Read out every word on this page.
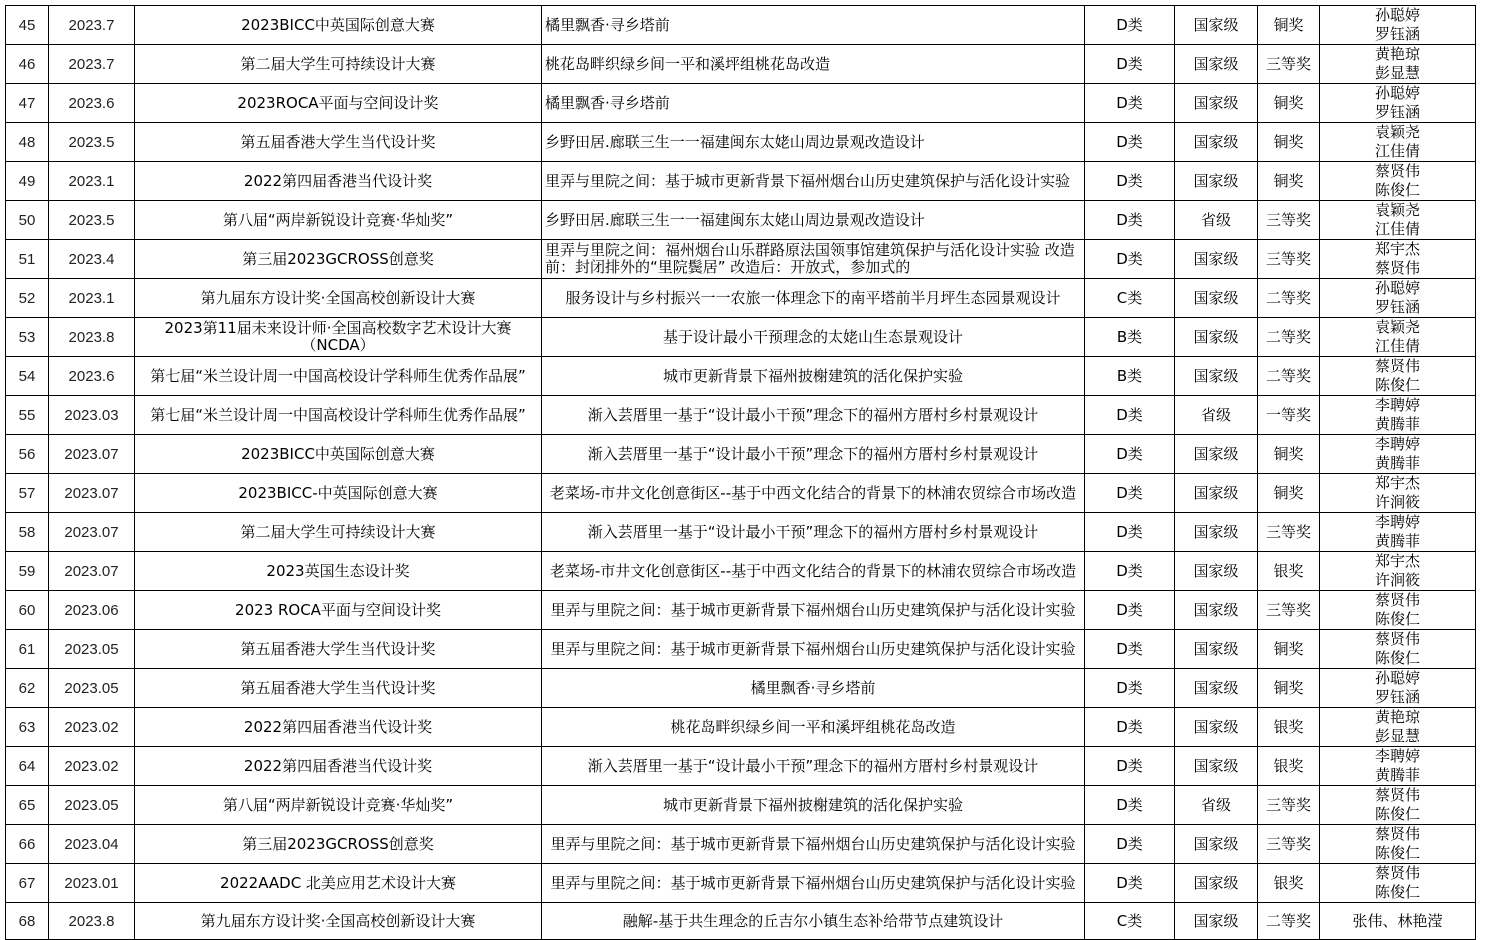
45	2023.7	2023BICC中英国际创意大赛	橘里飘香·寻乡塔前	D类	国家级	铜奖	孙聪婷
罗钰涵

46	2023.7	第二届大学生可持续设计大赛	桃花岛畔织绿乡间一平和溪坪组桃花岛改造	D类	国家级	三等奖	黄艳琼
彭显慧

47	2023.6	2023ROCA平面与空间设计奖	橘里飘香·寻乡塔前	D类	国家级	铜奖	孙聪婷
罗钰涵

48	2023.5	第五届香港大学生当代设计奖	乡野田居.廊联三生一一福建闽东太姥山周边景观改造设计	D类	国家级	铜奖	袁颖尧
江佳倩

49	2023.1	2022第四届香港当代设计奖	里弄与里院之间：基于城市更新背景下福州烟台山历史建筑保护与活化设计实验	D类	国家级	铜奖	蔡贤伟
陈俊仁

50	2023.5	第八届“两岸新锐设计竞赛·华灿奖”	乡野田居.廊联三生一一福建闽东太姥山周边景观改造设计	D类	省级	三等奖	袁颖尧
江佳倩

51	2023.4	第三届2023GCROSS创意奖	里弄与里院之间：福州烟台山乐群路原法国领事馆建筑保护与活化设计实验 改造前：封闭排外的“里院鬓居” 改造后：开放式，参加式的	D类	国家级	三等奖	郑宇杰
蔡贤伟

52	2023.1	第九届东方设计奖·全国高校创新设计大赛	服务设计与乡村振兴一一农旅一体理念下的南平塔前半月坪生态园景观设计	C类	国家级	二等奖	孙聪婷
罗钰涵

53	2023.8	2023第11届未来设计师·全国高校数字艺术设计大赛（NCDA）	基于设计最小干预理念的太姥山生态景观设计	B类	国家级	二等奖	袁颖尧
江佳倩

54	2023.6	第七届“米兰设计周一中国高校设计学科师生优秀作品展”	城市更新背景下福州披榭建筑的活化保护实验	B类	国家级	二等奖	蔡贤伟
陈俊仁

55	2023.03	第七届“米兰设计周一中国高校设计学科师生优秀作品展”	渐入芸厝里一基于“设计最小干预”理念下的福州方厝村乡村景观设计	D类	省级	一等奖	李聘婷
黄腾菲

56	2023.07	2023BICC中英国际创意大赛	渐入芸厝里一基于“设计最小干预”理念下的福州方厝村乡村景观设计	D类	国家级	铜奖	李聘婷
黄腾菲

57	2023.07	2023BICC-中英国际创意大赛	老菜场-市井文化创意街区--基于中西文化结合的背景下的林浦农贸综合市场改造	D类	国家级	铜奖	郑宇杰
许涧筱

58	2023.07	第二届大学生可持续设计大赛	渐入芸厝里一基于“设计最小干预”理念下的福州方厝村乡村景观设计	D类	国家级	三等奖	李聘婷
黄腾菲

59	2023.07	2023英国生态设计奖	老菜场-市井文化创意街区--基于中西文化结合的背景下的林浦农贸综合市场改造	D类	国家级	银奖	郑宇杰
许涧筱

60	2023.06	2023 ROCA平面与空间设计奖	里弄与里院之间：基于城市更新背景下福州烟台山历史建筑保护与活化设计实验	D类	国家级	三等奖	蔡贤伟
陈俊仁

61	2023.05	第五届香港大学生当代设计奖	里弄与里院之间：基于城市更新背景下福州烟台山历史建筑保护与活化设计实验	D类	国家级	铜奖	蔡贤伟
陈俊仁

62	2023.05	第五届香港大学生当代设计奖	橘里飘香·寻乡塔前	D类	国家级	铜奖	孙聪婷
罗钰涵

63	2023.02	2022第四届香港当代设计奖	桃花岛畔织绿乡间一平和溪坪组桃花岛改造	D类	国家级	银奖	黄艳琼
彭显慧

64	2023.02	2022第四届香港当代设计奖	渐入芸厝里一基于“设计最小干预”理念下的福州方厝村乡村景观设计	D类	国家级	银奖	李聘婷
黄腾菲

65	2023.05	第八届“两岸新锐设计竞赛·华灿奖”	城市更新背景下福州披榭建筑的活化保护实验	D类	省级	三等奖	蔡贤伟
陈俊仁

66	2023.04	第三届2023GCROSS创意奖	里弄与里院之间：基于城市更新背景下福州烟台山历史建筑保护与活化设计实验	D类	国家级	三等奖	蔡贤伟
陈俊仁

67	2023.01	2022AADC 北美应用艺术设计大赛	里弄与里院之间：基于城市更新背景下福州烟台山历史建筑保护与活化设计实验	D类	国家级	银奖	蔡贤伟
陈俊仁

68	2023.8	第九届东方设计奖·全国高校创新设计大赛	融解-基于共生理念的丘吉尔小镇生态补给带节点建筑设计	C类	国家级	二等奖	张伟、林艳滢
